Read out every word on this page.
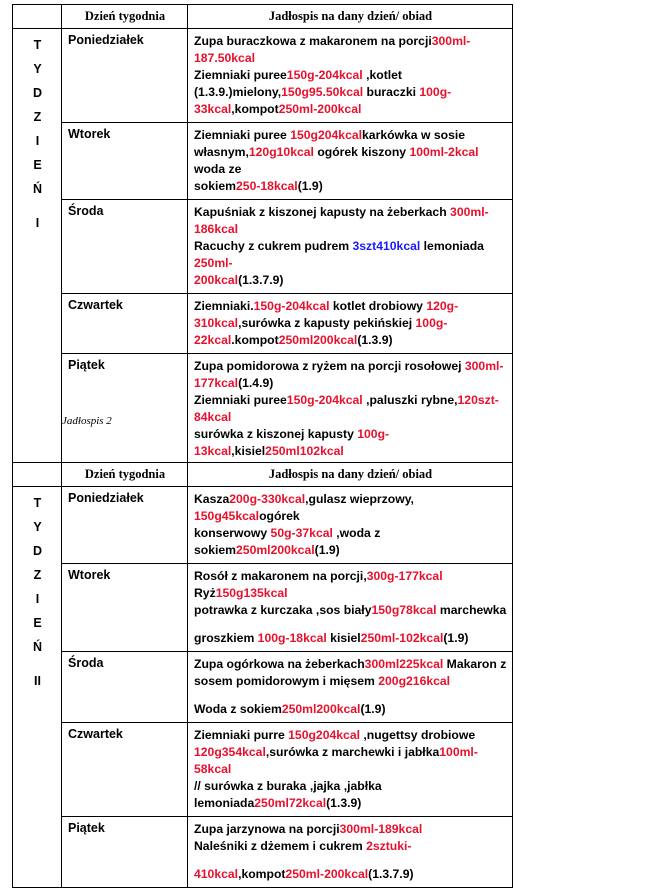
	Dzień tygodnia	Jadłospis na dany dzień/ obiad

T
Y
D
Z
I
E
Ń
I
	Poniedziałek	Zupa buraczkowa z makaronem na porcji300ml-187.50kcal
Ziemniaki puree150g-204kcal ,kotlet
(1.3.9.)mielony,150g95.50kcal buraczki 100g-
33kcal,kompot250ml-200kcal

	Wtorek	Ziemniaki puree 150g204kcalkarkówka w sosie
własnym,120g10kcal ogórek kiszony 100ml-2kcal woda ze
sokiem250-18kcal(1.9)

	Środa	Kapuśniak z kiszonej kapusty na żeberkach 300ml-186kcal
Racuchy z cukrem pudrem 3szt410kcal lemoniada 250ml-
200kcal(1.3.7.9)

	Czwartek	Ziemniaki.150g-204kcal kotlet drobiowy 120g-
310kcal,surówka z kapusty pekińskiej 100g-
22kcal.kompot250ml200kcal(1.3.9)

	Piątek	Zupa pomidorowa z ryżem na porcji rosołowej 300ml-
177kcal(1.4.9)
Ziemniaki puree150g-204kcal ,paluszki rybne,120szt-84kcal
surówka z kiszonej kapusty 100g-13kcal,kisiel250ml102kcal
Jadłospis 2
	Dzień tygodnia	Jadłospis na dany dzień/ obiad

T
Y
D
Z
I
E
Ń
II
	Poniedziałek	Kasza200g-330kcal,gulasz wieprzowy, 150g45kcalogórek
konserwowy 50g-37kcal ,woda z sokiem250ml200kcal(1.9)

	Wtorek	Rosół z makaronem na porcji,300g-177kcal Ryż150g135kcal
potrawka z kurczaka ,sos biały150g78kcal marchewka
groszkiem 100g-18kcal kisiel250ml-102kcal(1.9)

	Środa	Zupa ogórkowa na żeberkach300ml225kcal Makaron z
sosem pomidorowym i mięsem 200g216kcal
Woda z sokiem250ml200kcal(1.9)

	Czwartek	Ziemniaki purre 150g204kcal ,nugettsy drobiowe
120g354kcal,surówka z marchewki i jabłka100ml-58kcal
// surówka z buraka ,jajka ,jabłka
lemoniada250ml72kcal(1.3.9)

	Piątek	Zupa jarzynowa na porcji300ml-189kcal
Naleśniki z dżemem i cukrem 2sztuki-
410kcal,kompot250ml-200kcal(1.3.7.9)
